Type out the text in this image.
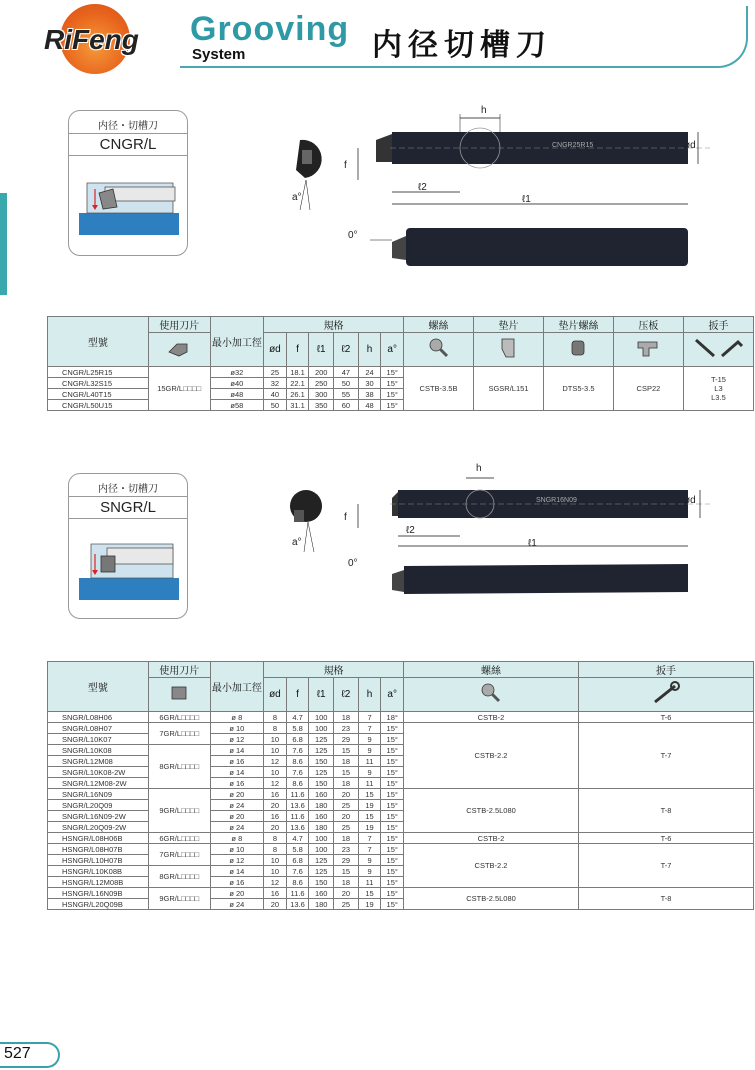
RiFeng Grooving
System	内径切槽刀
内径・切槽刀
CNGR/L
h
f
ℓ2
ℓ1
ød
a°
0°
CNGR25R15
型號	使用刀片	最小加工徑	規格						螺絲	垫片	垫片螺絲	压板	扳手
	ød	f	ℓ1	ℓ2	h	a°					
CNGR/L25R15	15GR/L□□□□	ø32	25	18.1	200	47	24	15°	CSTB-3.5B	SGSR/L151	DTS5-3.5	CSP22	T-15
L3
L3.5

CNGR/L32S15		ø40	32	22.1	250	50	30	15°					
CNGR/L40T15		ø48	40	26.1	300	55	38	15°					
CNGR/L50U15		ø58	50	31.1	350	60	48	15°					
内径・切槽刀
SNGR/L
h
f
ℓ2
ℓ1
ød
a°
0°
SNGR16N09
型號	使用刀片	最小加工徑	規格						螺絲	扳手
	ød	f	ℓ1	ℓ2	h	a°		
SNGR/L08H06	6GR/L□□□□	ø 8	8	4.7	100	18	7	18°	CSTB-2	T-6
SNGR/L08H07	7GR/L□□□□	ø 10	8	5.8	100	23	7	15°	CSTB-2.2	T-7
SNGR/L10K07		ø 12	10	6.8	125	29	9	15°		
SNGR/L10K08	8GR/L□□□□	ø 14	10	7.6	125	15	9	15°		
SNGR/L12M08		ø 16	12	8.6	150	18	11	15°		
SNGR/L10K08-2W		ø 14	10	7.6	125	15	9	15°		
SNGR/L12M08-2W		ø 16	12	8.6	150	18	11	15°		
SNGR/L16N09	9GR/L□□□□	ø 20	16	11.6	160	20	15	15°	CSTB-2.5L080	T-8
SNGR/L20Q09		ø 24	20	13.6	180	25	19	15°		
SNGR/L16N09-2W		ø 20	16	11.6	160	20	15	15°		
SNGR/L20Q09-2W		ø 24	20	13.6	180	25	19	15°		
HSNGR/L08H06B	6GR/L□□□□	ø 8	8	4.7	100	18	7	15°	CSTB-2	T-6
HSNGR/L08H07B	7GR/L□□□□	ø 10	8	5.8	100	23	7	15°	CSTB-2.2	T-7
HSNGR/L10H07B		ø 12	10	6.8	125	29	9	15°		
HSNGR/L10K08B	8GR/L□□□□	ø 14	10	7.6	125	15	9	15°		
HSNGR/L12M08B		ø 16	12	8.6	150	18	11	15°		
HSNGR/L16N09B	9GR/L□□□□	ø 20	16	11.6	160	20	15	15°	CSTB-2.5L080	T-8
HSNGR/L20Q09B		ø 24	20	13.6	180	25	19	15°		
527
